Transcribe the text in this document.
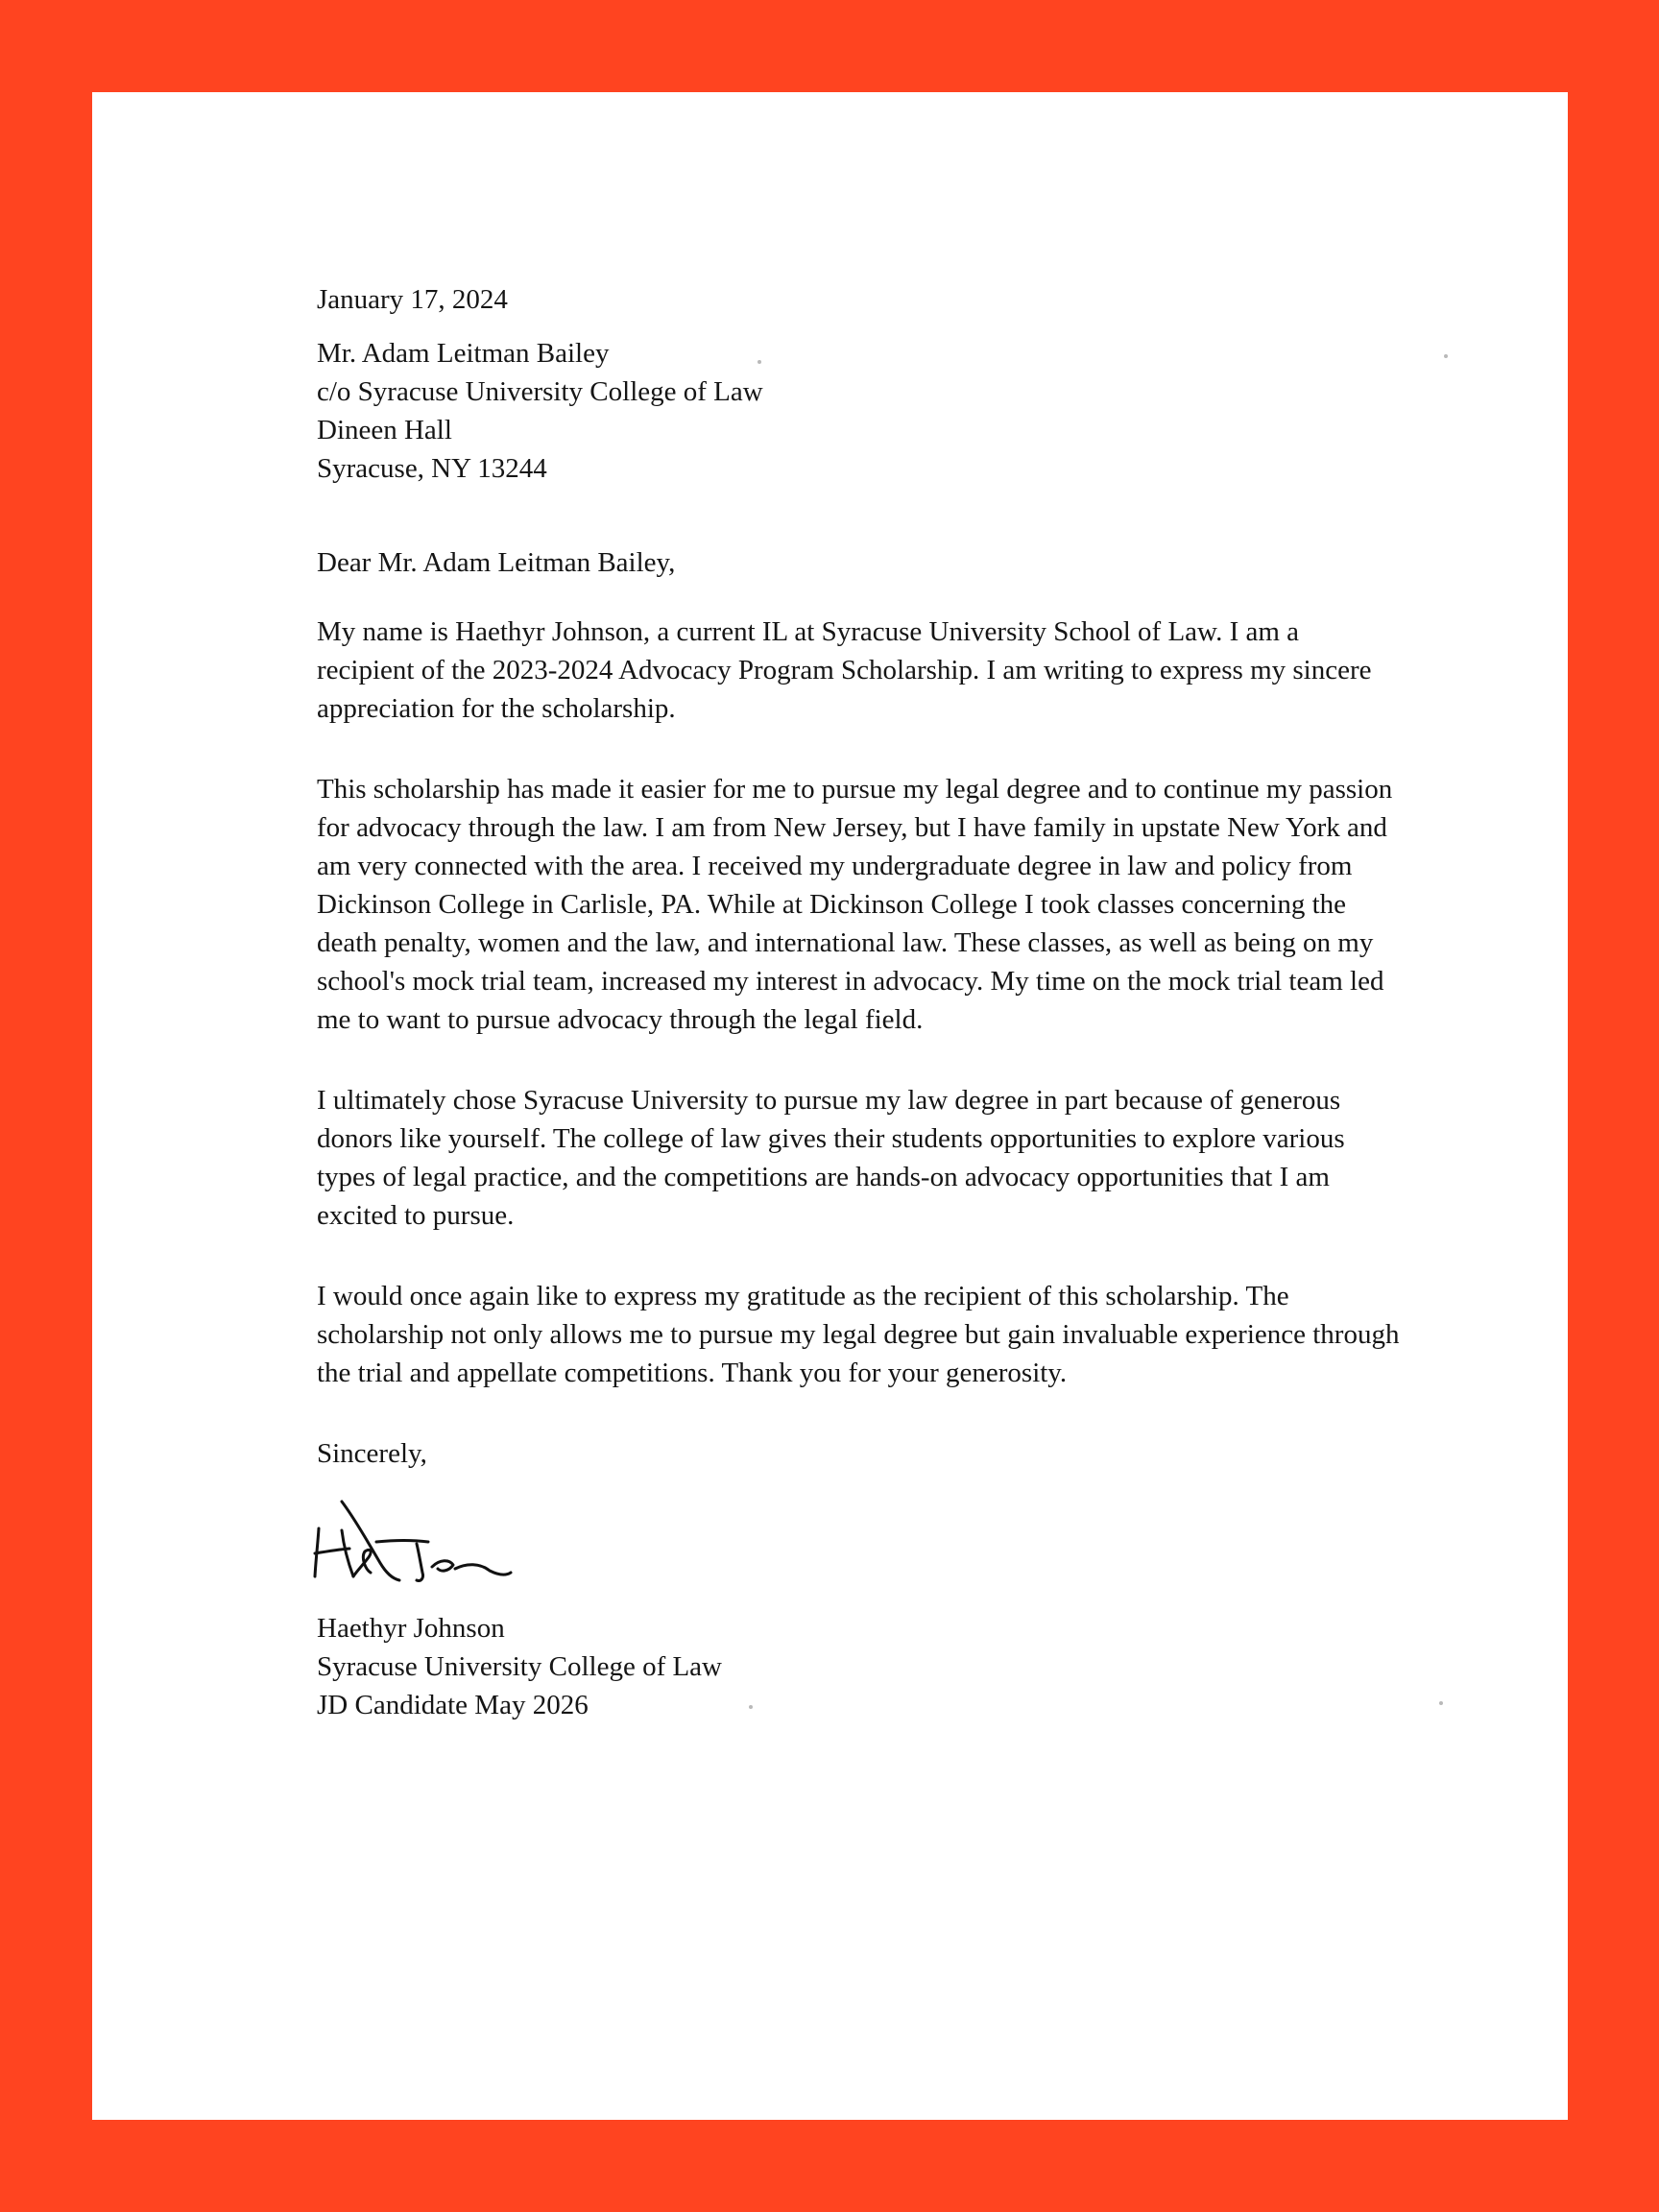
January 17, 2024
Mr. Adam Leitman Bailey
c/o Syracuse University College of Law
Dineen Hall
Syracuse, NY 13244
Dear Mr. Adam Leitman Bailey,
My name is Haethyr Johnson, a current IL at Syracuse University School of Law. I am a
recipient of the 2023-2024 Advocacy Program Scholarship. I am writing to express my sincere
appreciation for the scholarship.
This scholarship has made it easier for me to pursue my legal degree and to continue my passion
for advocacy through the law. I am from New Jersey, but I have family in upstate New York and
am very connected with the area. I received my undergraduate degree in law and policy from
Dickinson College in Carlisle, PA. While at Dickinson College I took classes concerning the
death penalty, women and the law, and international law. These classes, as well as being on my
school's mock trial team, increased my interest in advocacy. My time on the mock trial team led
me to want to pursue advocacy through the legal field.
I ultimately chose Syracuse University to pursue my law degree in part because of generous
donors like yourself. The college of law gives their students opportunities to explore various
types of legal practice, and the competitions are hands-on advocacy opportunities that I am
excited to pursue.
I would once again like to express my gratitude as the recipient of this scholarship. The
scholarship not only allows me to pursue my legal degree but gain invaluable experience through
the trial and appellate competitions. Thank you for your generosity.
Sincerely,
Haethyr Johnson
Syracuse University College of Law
JD Candidate May 2026
